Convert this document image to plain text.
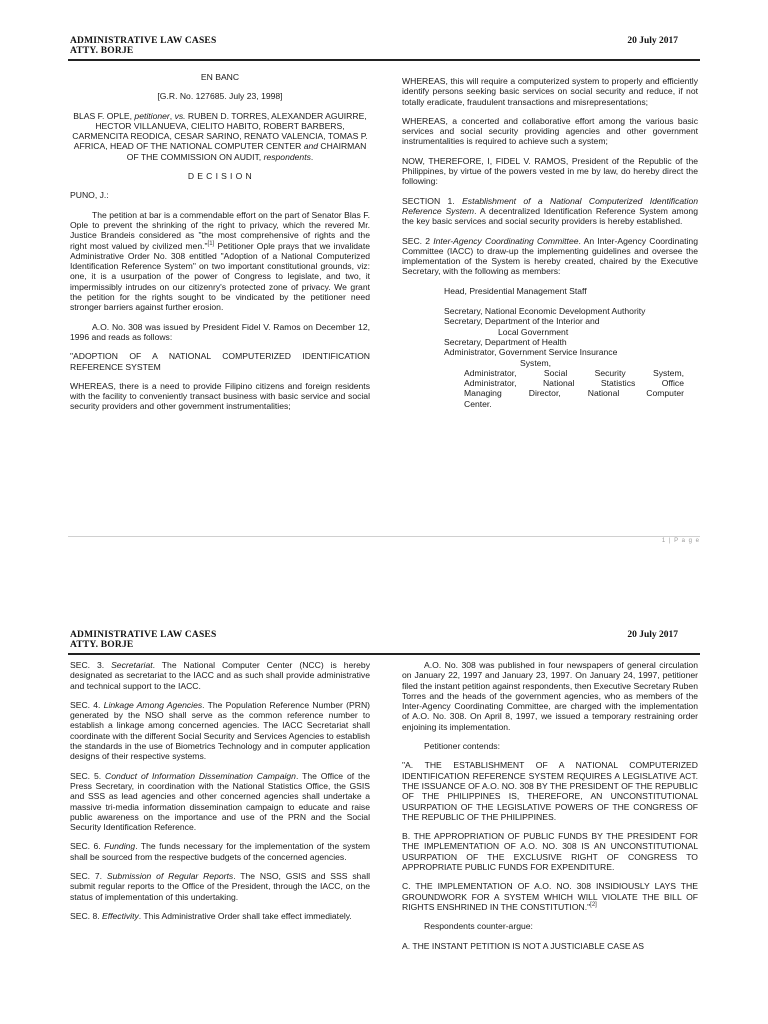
ADMINISTRATIVE LAW CASES
ATTY. BORJE
20 July 2017

EN BANC

[G.R. No. 127685. July 23, 1998]

BLAS F. OPLE, petitioner, vs. RUBEN D. TORRES, ALEXANDER AGUIRRE, HECTOR VILLANUEVA, CIELITO HABITO, ROBERT BARBERS, CARMENCITA REODICA, CESAR SARINO, RENATO VALENCIA, TOMAS P. AFRICA, HEAD OF THE NATIONAL COMPUTER CENTER and CHAIRMAN OF THE COMMISSION ON AUDIT, respondents.

D E C I S I O N

PUNO, J.:

The petition at bar is a commendable effort on the part of Senator Blas F. Ople to prevent the shrinking of the right to privacy, which the revered Mr. Justice Brandeis considered as "the most comprehensive of rights and the right most valued by civilized men."[1] Petitioner Ople prays that we invalidate Administrative Order No. 308 entitled "Adoption of a National Computerized Identification Reference System" on two important constitutional grounds, viz: one, it is a usurpation of the power of Congress to legislate, and two, it impermissibly intrudes on our citizenry's protected zone of privacy. We grant the petition for the rights sought to be vindicated by the petitioner need stronger barriers against further erosion.

A.O. No. 308 was issued by President Fidel V. Ramos on December 12, 1996 and reads as follows:

"ADOPTION OF A NATIONAL COMPUTERIZED IDENTIFICATION REFERENCE SYSTEM

WHEREAS, there is a need to provide Filipino citizens and foreign residents with the facility to conveniently transact business with basic service and social security providers and other government instrumentalities;

WHEREAS, this will require a computerized system to properly and efficiently identify persons seeking basic services on social security and reduce, if not totally eradicate, fraudulent transactions and misrepresentations;

WHEREAS, a concerted and collaborative effort among the various basic services and social security providing agencies and other government instrumentalities is required to achieve such a system;

NOW, THEREFORE, I, FIDEL V. RAMOS, President of the Republic of the Philippines, by virtue of the powers vested in me by law, do hereby direct the following:

SECTION 1. Establishment of a National Computerized Identification Reference System. A decentralized Identification Reference System among the key basic services and social security providers is hereby established.

SEC. 2 Inter-Agency Coordinating Committee. An Inter-Agency Coordinating Committee (IACC) to draw-up the implementing guidelines and oversee the implementation of the System is hereby created, chaired by the Executive Secretary, with the following as members:

Head, Presidential Management Staff
Secretary, National Economic Development Authority
Secretary, Department of the Interior and
Local Government
Secretary, Department of Health
Administrator, Government Service Insurance
System,
Administrator, Social Security System,
Administrator, National Statistics Office
Managing Director, National Computer
Center.
1 | P a g e
ADMINISTRATIVE LAW CASES
ATTY. BORJE
20 July 2017

SEC. 3. Secretariat. The National Computer Center (NCC) is hereby designated as secretariat to the IACC and as such shall provide administrative and technical support to the IACC.

SEC. 4. Linkage Among Agencies. The Population Reference Number (PRN) generated by the NSO shall serve as the common reference number to establish a linkage among concerned agencies. The IACC Secretariat shall coordinate with the different Social Security and Services Agencies to establish the standards in the use of Biometrics Technology and in computer application designs of their respective systems.

SEC. 5. Conduct of Information Dissemination Campaign. The Office of the Press Secretary, in coordination with the National Statistics Office, the GSIS and SSS as lead agencies and other concerned agencies shall undertake a massive tri-media information dissemination campaign to educate and raise public awareness on the importance and use of the PRN and the Social Security Identification Reference.

SEC. 6. Funding. The funds necessary for the implementation of the system shall be sourced from the respective budgets of the concerned agencies.

SEC. 7. Submission of Regular Reports. The NSO, GSIS and SSS shall submit regular reports to the Office of the President, through the IACC, on the status of implementation of this undertaking.

SEC. 8. Effectivity. This Administrative Order shall take effect immediately.

A.O. No. 308 was published in four newspapers of general circulation on January 22, 1997 and January 23, 1997. On January 24, 1997, petitioner filed the instant petition against respondents, then Executive Secretary Ruben Torres and the heads of the government agencies, who as members of the Inter-Agency Coordinating Committee, are charged with the implementation of A.O. No. 308. On April 8, 1997, we issued a temporary restraining order enjoining its implementation.

Petitioner contends:

"A. THE ESTABLISHMENT OF A NATIONAL COMPUTERIZED IDENTIFICATION REFERENCE SYSTEM REQUIRES A LEGISLATIVE ACT. THE ISSUANCE OF A.O. NO. 308 BY THE PRESIDENT OF THE REPUBLIC OF THE PHILIPPINES IS, THEREFORE, AN UNCONSTITUTIONAL USURPATION OF THE LEGISLATIVE POWERS OF THE CONGRESS OF THE REPUBLIC OF THE PHILIPPINES.

B. THE APPROPRIATION OF PUBLIC FUNDS BY THE PRESIDENT FOR THE IMPLEMENTATION OF A.O. NO. 308 IS AN UNCONSTITUTIONAL USURPATION OF THE EXCLUSIVE RIGHT OF CONGRESS TO APPROPRIATE PUBLIC FUNDS FOR EXPENDITURE.

C. THE IMPLEMENTATION OF A.O. NO. 308 INSIDIOUSLY LAYS THE GROUNDWORK FOR A SYSTEM WHICH WILL VIOLATE THE BILL OF RIGHTS ENSHRINED IN THE CONSTITUTION."[2]

Respondents counter-argue:

A. THE INSTANT PETITION IS NOT A JUSTICIABLE CASE AS
